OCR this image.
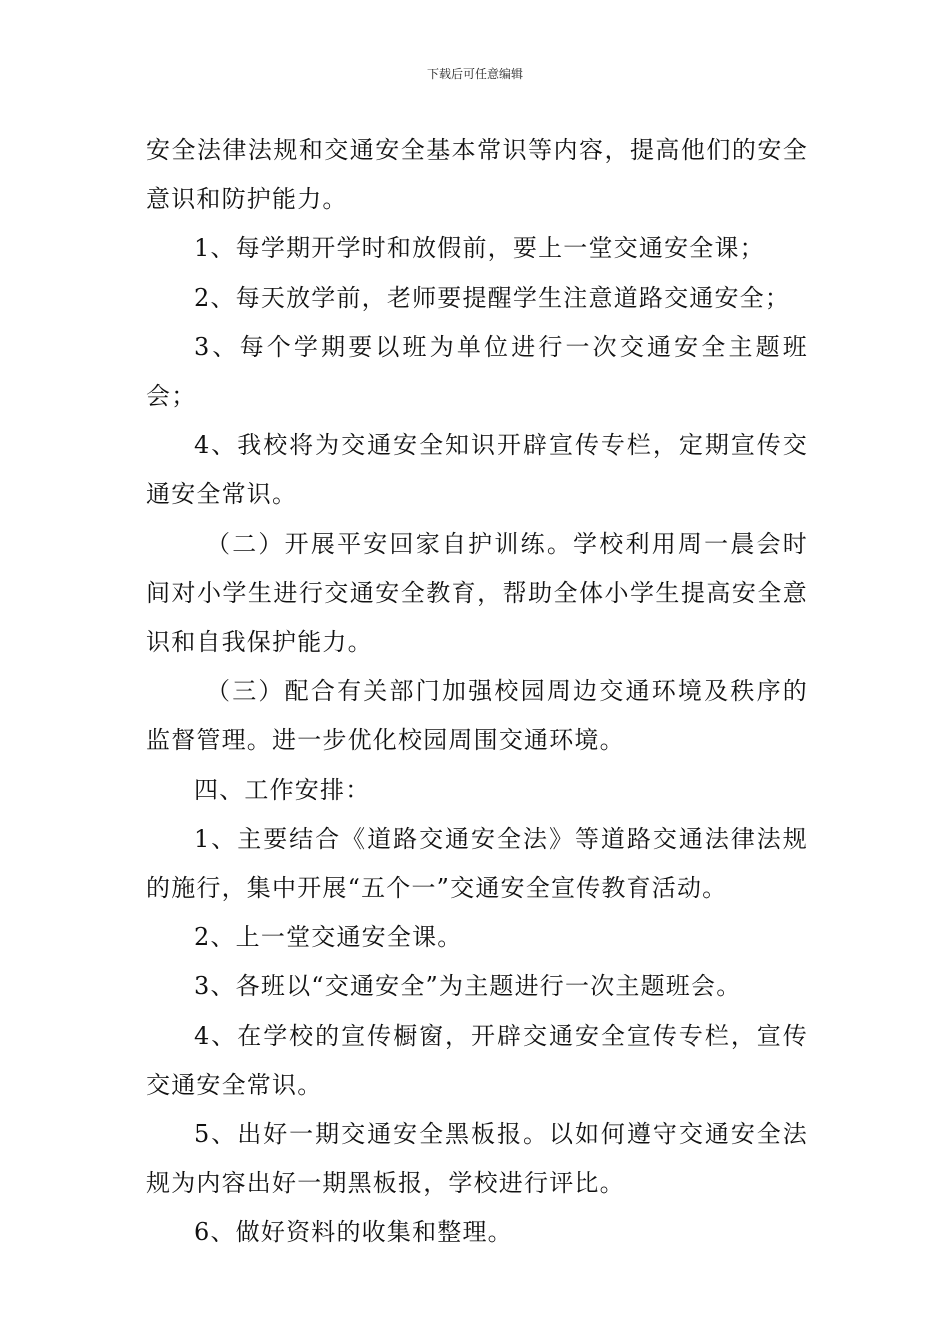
下载后可任意编辑

安全法律法规和交通安全基本常识等内容，提高他们的安全意识和防护能力。

1、每学期开学时和放假前，要上一堂交通安全课；

2、每天放学前，老师要提醒学生注意道路交通安全；

3、每个学期要以班为单位进行一次交通安全主题班会；

4、我校将为交通安全知识开辟宣传专栏，定期宣传交通安全常识。

（二）开展平安回家自护训练。学校利用周一晨会时间对小学生进行交通安全教育，帮助全体小学生提高安全意识和自我保护能力。

（三）配合有关部门加强校园周边交通环境及秩序的监督管理。进一步优化校园周围交通环境。

四、工作安排：

1、主要结合《道路交通安全法》等道路交通法律法规的施行，集中开展“五个一”交通安全宣传教育活动。

2、上一堂交通安全课。

3、各班以“交通安全”为主题进行一次主题班会。

4、在学校的宣传橱窗，开辟交通安全宣传专栏，宣传交通安全常识。

5、出好一期交通安全黑板报。以如何遵守交通安全法规为内容出好一期黑板报，学校进行评比。

6、做好资料的收集和整理。
